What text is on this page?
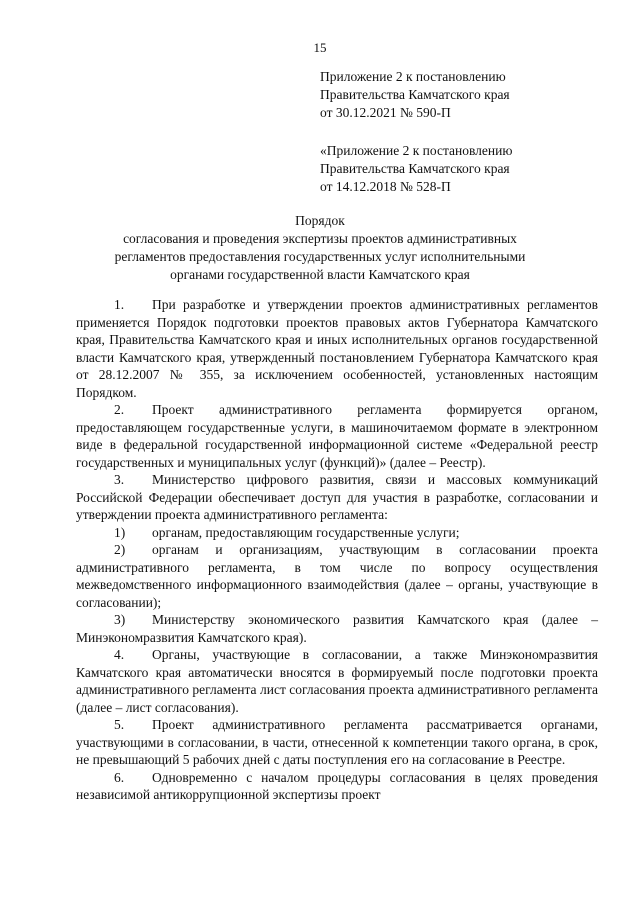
15
Приложение 2 к постановлению
Правительства Камчатского края
от 30.12.2021 № 590-П
«Приложение 2 к постановлению
Правительства Камчатского края
от 14.12.2018 № 528-П
Порядок
согласования и проведения экспертизы проектов административных
регламентов предоставления государственных услуг исполнительными
органами государственной власти Камчатского края

1. При разработке и утверждении проектов административных регламентов применяется Порядок подготовки проектов правовых актов Губернатора Камчатского края, Правительства Камчатского края и иных исполнительных органов государственной власти Камчатского края, утвержденный постановлением Губернатора Камчатского края от 28.12.2007 № 355, за исключением особенностей, установленных настоящим Порядком.

2. Проект административного регламента формируется органом, предоставляющем государственные услуги, в машиночитаемом формате в электронном виде в федеральной государственной информационной системе «Федеральной реестр государственных и муниципальных услуг (функций)» (далее – Реестр).

3. Министерство цифрового развития, связи и массовых коммуникаций Российской Федерации обеспечивает доступ для участия в разработке, согласовании и утверждении проекта административного регламента:

1) органам, предоставляющим государственные услуги;

2) органам и организациям, участвующим в согласовании проекта административного регламента, в том числе по вопросу осуществления межведомственного информационного взаимодействия (далее – органы, участвующие в согласовании);

3) Министерству экономического развития Камчатского края (далее – Минэкономразвития Камчатского края).

4. Органы, участвующие в согласовании, а также Минэкономразвития Камчатского края автоматически вносятся в формируемый после подготовки проекта административного регламента лист согласования проекта административного регламента (далее – лист согласования).

5. Проект административного регламента рассматривается органами, участвующими в согласовании, в части, отнесенной к компетенции такого органа, в срок, не превышающий 5 рабочих дней с даты поступления его на согласование в Реестре.

6. Одновременно с началом процедуры согласования в целях проведения независимой антикоррупционной экспертизы проект
